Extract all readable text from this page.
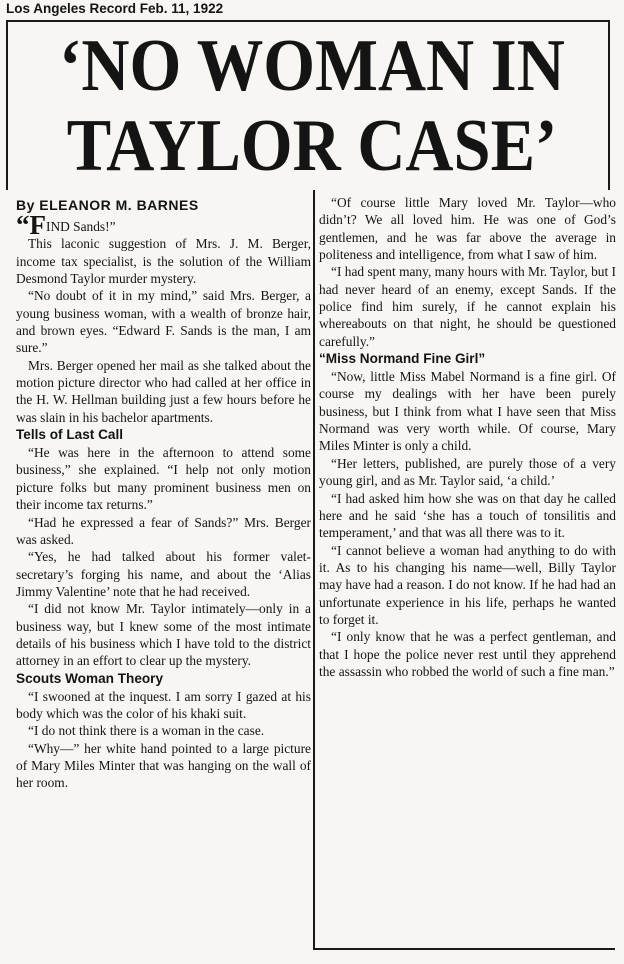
Los Angeles Record Feb. 11, 1922
‘NO WOMAN IN
TAYLOR CASE’

By ELEANOR M. BARNES

“FIND Sands!”

This laconic suggestion of Mrs. J. M. Berger, income tax specialist, is the solution of the William Desmond Taylor murder mystery.

“No doubt of it in my mind,” said Mrs. Berger, a young business woman, with a wealth of bronze hair, and brown eyes. “Edward F. Sands is the man, I am sure.”

Mrs. Berger opened her mail as she talked about the motion picture director who had called at her office in the H. W. Hellman building just a few hours before he was slain in his bachelor apartments.

Tells of Last Call

“He was here in the afternoon to attend some business,” she explained. “I help not only motion picture folks but many prominent business men on their income tax returns.”

“Had he expressed a fear of Sands?” Mrs. Berger was asked.

“Yes, he had talked about his former valet-secretary’s forging his name, and about the ‘Alias Jimmy Valentine’ note that he had received.

“I did not know Mr. Taylor intimately—only in a business way, but I knew some of the most intimate details of his business which I have told to the district attorney in an effort to clear up the mystery.

Scouts Woman Theory

“I swooned at the inquest. I am sorry I gazed at his body which was the color of his khaki suit.

“I do not think there is a woman in the case.

“Why—” her white hand pointed to a large picture of Mary Miles Minter that was hanging on the wall of her room.

“Of course little Mary loved Mr. Taylor—who didn’t? We all loved him. He was one of God’s gentlemen, and he was far above the average in politeness and intelligence, from what I saw of him.

“I had spent many, many hours with Mr. Taylor, but I had never heard of an enemy, except Sands. If the police find him surely, if he cannot explain his whereabouts on that night, he should be questioned carefully.”

“Miss Normand Fine Girl”

“Now, little Miss Mabel Normand is a fine girl. Of course my dealings with her have been purely business, but I think from what I have seen that Miss Normand was very worth while. Of course, Mary Miles Minter is only a child.

“Her letters, published, are purely those of a very young girl, and as Mr. Taylor said, ‘a child.’

“I had asked him how she was on that day he called here and he said ‘she has a touch of tonsilitis and temperament,’ and that was all there was to it.

“I cannot believe a woman had anything to do with it. As to his changing his name—well, Billy Taylor may have had a reason. I do not know. If he had had an unfortunate experience in his life, perhaps he wanted to forget it.

“I only know that he was a perfect gentleman, and that I hope the police never rest until they apprehend the assassin who robbed the world of such a fine man.”
